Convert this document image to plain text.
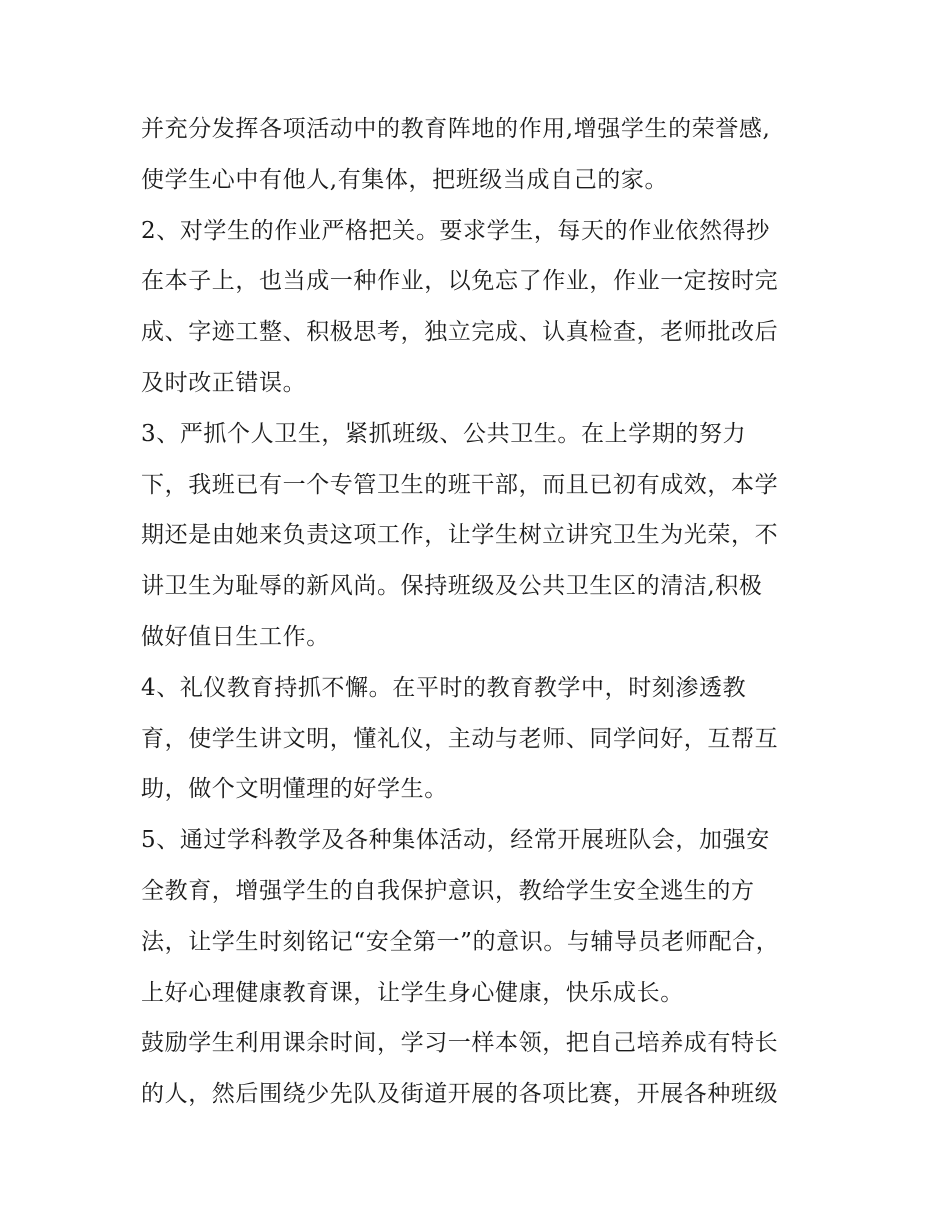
并充分发挥各项活动中的教育阵地的作用,增强学生的荣誉感,
使学生心中有他人,有集体，把班级当成自己的家。
2、对学生的作业严格把关。要求学生，每天的作业依然得抄
在本子上，也当成一种作业，以免忘了作业，作业一定按时完
成、字迹工整、积极思考，独立完成、认真检查，老师批改后
及时改正错误。
3、严抓个人卫生，紧抓班级、公共卫生。在上学期的努力
下，我班已有一个专管卫生的班干部，而且已初有成效，本学
期还是由她来负责这项工作，让学生树立讲究卫生为光荣，不
讲卫生为耻辱的新风尚。保持班级及公共卫生区的清洁,积极
做好值日生工作。
4、礼仪教育持抓不懈。在平时的教育教学中，时刻渗透教
育，使学生讲文明，懂礼仪，主动与老师、同学问好，互帮互
助，做个文明懂理的好学生。
5、通过学科教学及各种集体活动，经常开展班队会，加强安
全教育，增强学生的自我保护意识，教给学生安全逃生的方
法，让学生时刻铭记“安全第一”的意识。与辅导员老师配合，
上好心理健康教育课，让学生身心健康，快乐成长。
鼓励学生利用课余时间，学习一样本领，把自己培养成有特长
的人，然后围绕少先队及街道开展的各项比赛，开展各种班级
